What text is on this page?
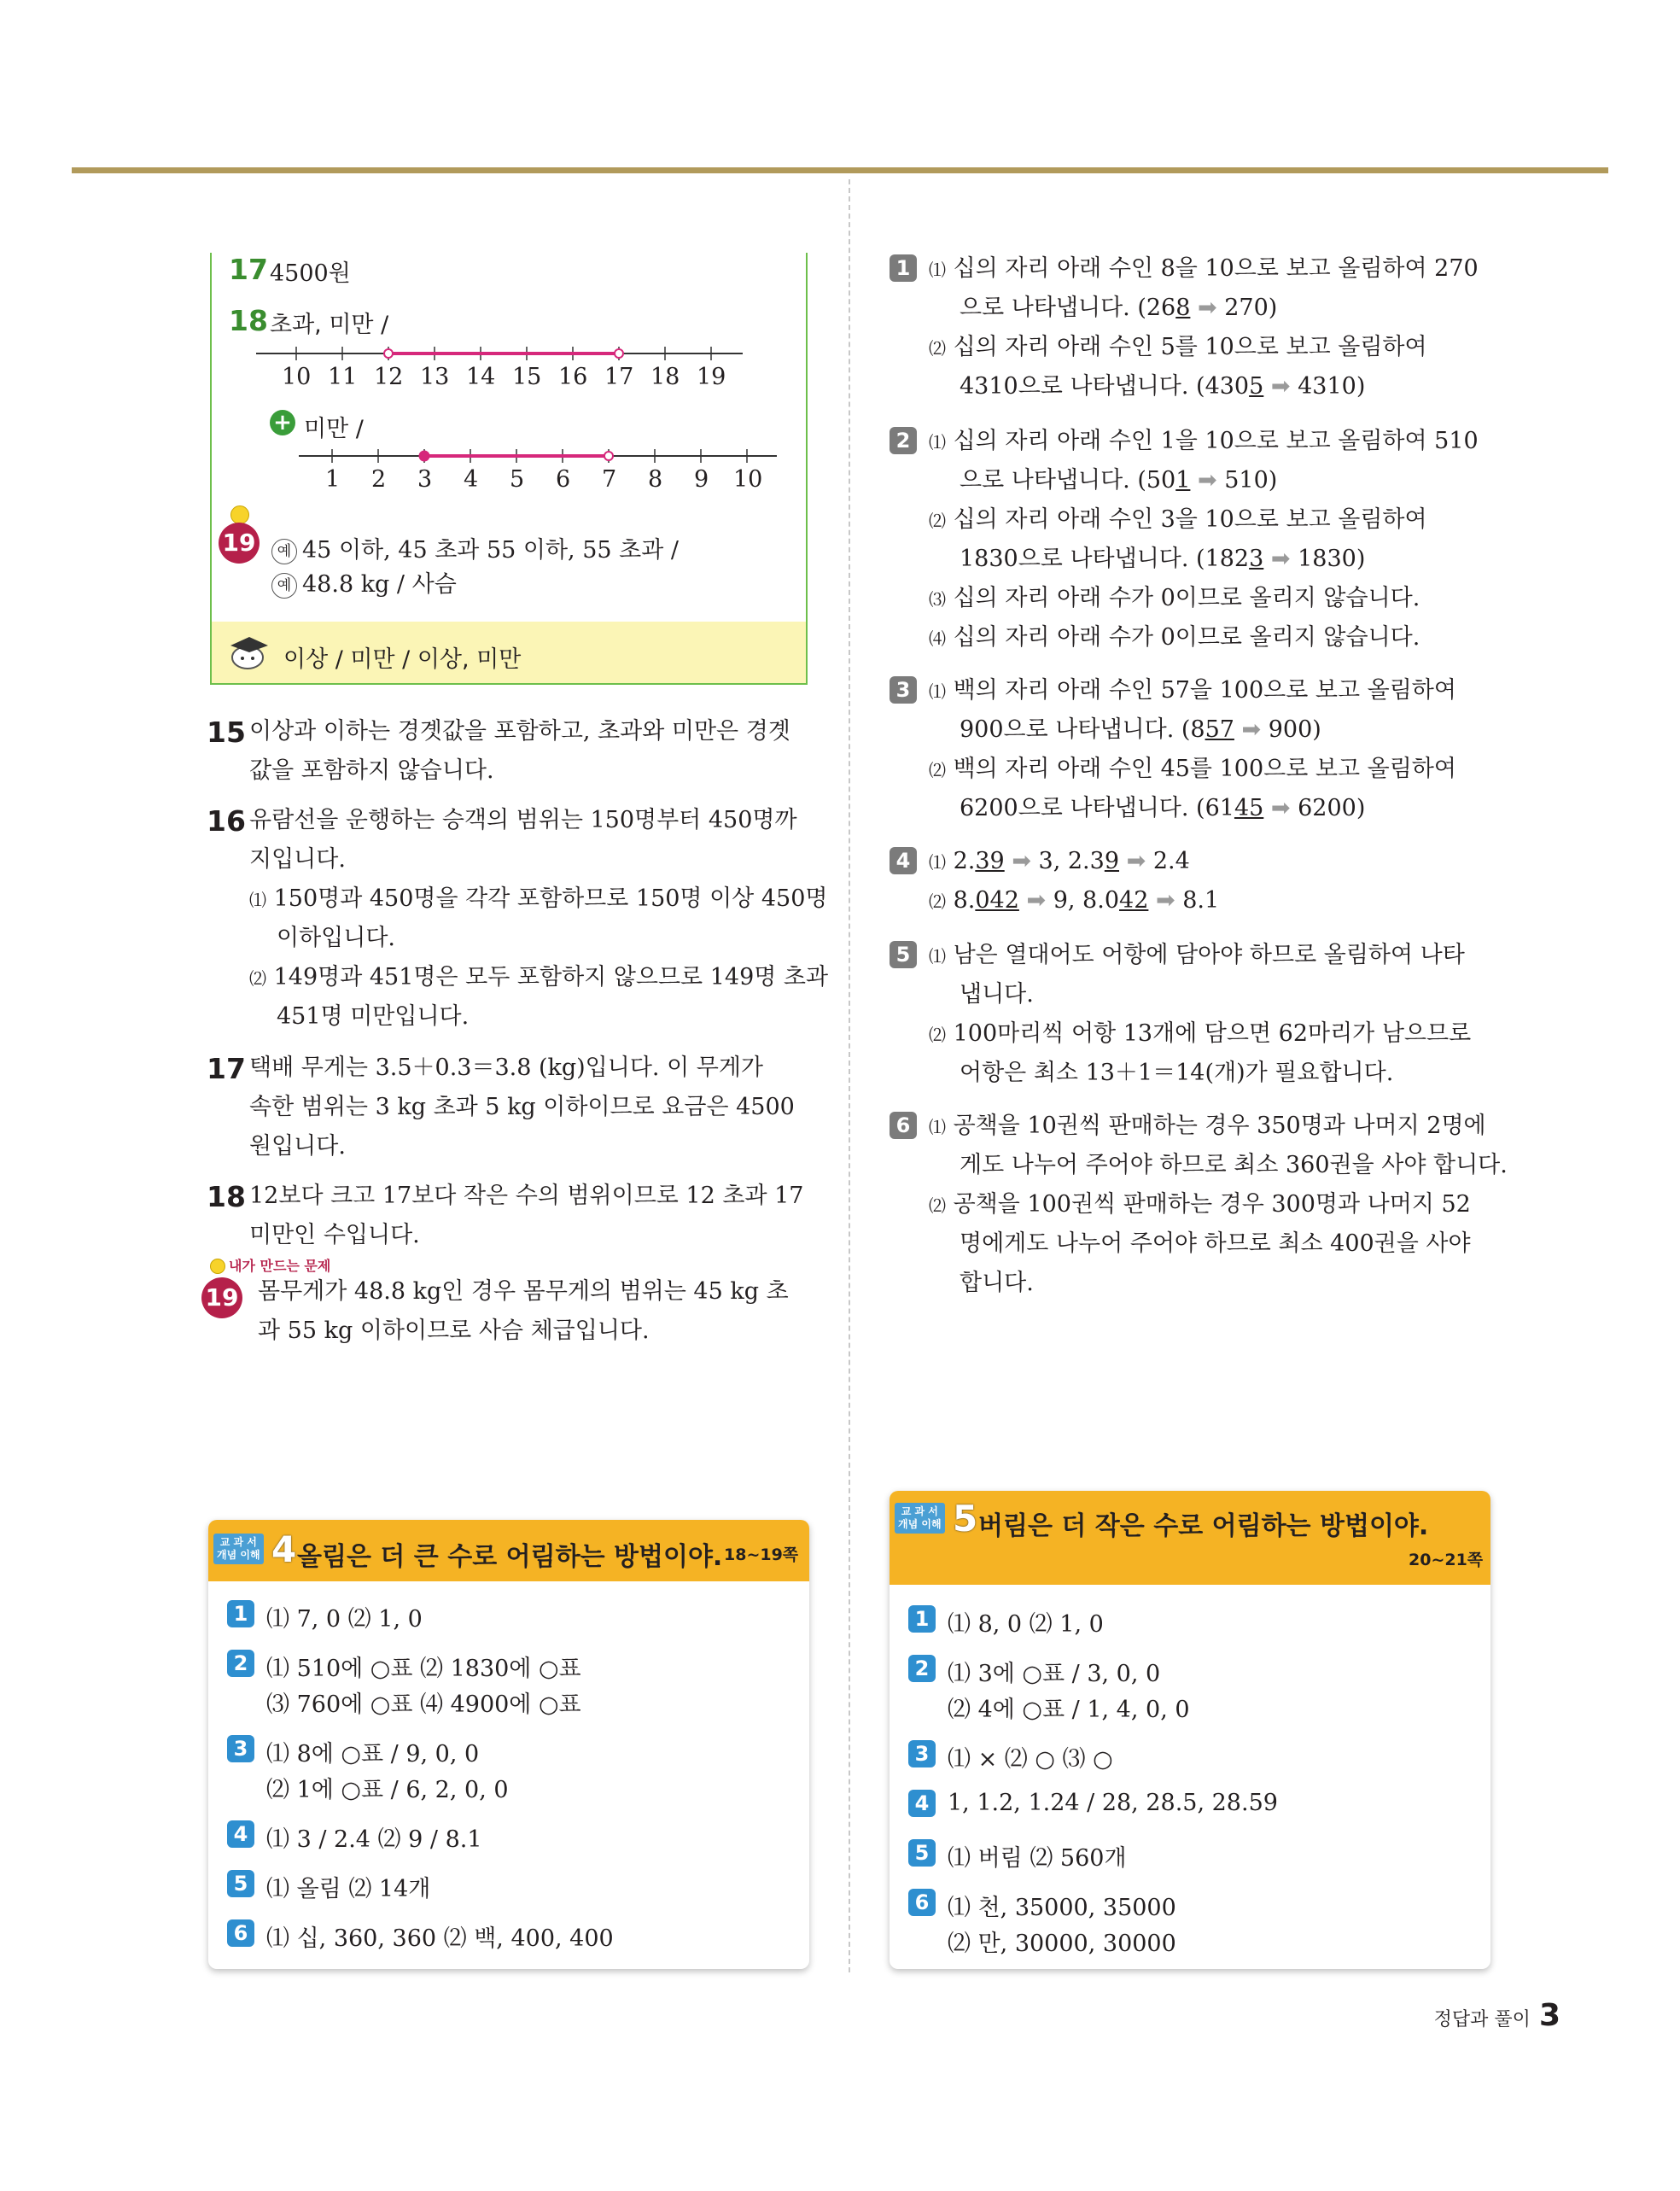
17 4500원
18 초과, 미만 /
10 11 12 13 14 15 16 17 18 19
+ 미만 /
1 2 3 4 5 6 7 8 9 10
19	예 45 이하, 45 초과 55 이하, 55 초과 /
예 48.8 kg / 사슴
이상 / 미만 / 이상, 미만
15 이상과 이하는 경곗값을 포함하고, 초과와 미만은 경곗
값을 포함하지 않습니다.
16 유람선을 운행하는 승객의 범위는 150명부터 450명까
지입니다.
⑴ 150명과 450명을 각각 포함하므로 150명 이상 450명
이하입니다.
⑵ 149명과 451명은 모두 포함하지 않으므로 149명 초과
451명 미만입니다.
17 택배 무게는 3.5＋0.3＝3.8 (kg)입니다. 이 무게가
속한 범위는 3 kg 초과 5 kg 이하이므로 요금은 4500
원입니다.
18 12보다 크고 17보다 작은 수의 범위이므로 12 초과 17
미만인 수입니다.
내가 만드는 문제
19 몸무게가 48.8 kg인 경우 몸무게의 범위는 45 kg 초
과 55 kg 이하이므로 사슴 체급입니다.
1	⑴ 십의 자리 아래 수인 8을 10으로 보고 올림하여 270
으로 나타냅니다. (268 ➡ 270)
⑵ 십의 자리 아래 수인 5를 10으로 보고 올림하여
4310으로 나타냅니다. (4305 ➡ 4310)
2	⑴ 십의 자리 아래 수인 1을 10으로 보고 올림하여 510
으로 나타냅니다. (501 ➡ 510)
⑵ 십의 자리 아래 수인 3을 10으로 보고 올림하여
1830으로 나타냅니다. (1823 ➡ 1830)
⑶ 십의 자리 아래 수가 0이므로 올리지 않습니다.
⑷ 십의 자리 아래 수가 0이므로 올리지 않습니다.
3	⑴ 백의 자리 아래 수인 57을 100으로 보고 올림하여
900으로 나타냅니다. (857 ➡ 900)
⑵ 백의 자리 아래 수인 45를 100으로 보고 올림하여
6200으로 나타냅니다. (6145 ➡ 6200)
4	⑴ 2.39 ➡ 3, 2.39 ➡ 2.4
⑵ 8.042 ➡ 9, 8.042 ➡ 8.1
5	⑴ 남은 열대어도 어항에 담아야 하므로 올림하여 나타
냅니다.
⑵ 100마리씩 어항 13개에 담으면 62마리가 남으므로
어항은 최소 13＋1＝14(개)가 필요합니다.
6	⑴ 공책을 10권씩 판매하는 경우 350명과 나머지 2명에
게도 나누어 주어야 하므로 최소 360권을 사야 합니다.
⑵ 공책을 100권씩 판매하는 경우 300명과 나머지 52
명에게도 나누어 주어야 하므로 최소 400권을 사야
합니다.
교 과 서
개념 이해 4 올림은 더 큰 수로 어림하는 방법이야. 18~19쪽
1 ⑴ 7, 0 ⑵ 1, 0
2 ⑴ 510에 ○표 ⑵ 1830에 ○표
⑶ 760에 ○표 ⑷ 4900에 ○표
3 ⑴ 8에 ○표 / 9, 0, 0
⑵ 1에 ○표 / 6, 2, 0, 0
4 ⑴ 3 / 2.4 ⑵ 9 / 8.1
5 ⑴ 올림 ⑵ 14개
6 ⑴ 십, 360, 360 ⑵ 백, 400, 400
교 과 서
개념 이해 5 버림은 더 작은 수로 어림하는 방법이야.
20~21쪽
1 ⑴ 8, 0 ⑵ 1, 0
2 ⑴ 3에 ○표 / 3, 0, 0
⑵ 4에 ○표 / 1, 4, 0, 0
3 ⑴ × ⑵ ○ ⑶ ○
4 1, 1.2, 1.24 / 28, 28.5, 28.59
5 ⑴ 버림 ⑵ 560개
6 ⑴ 천, 35000, 35000
⑵ 만, 30000, 30000
정답과 풀이 3
